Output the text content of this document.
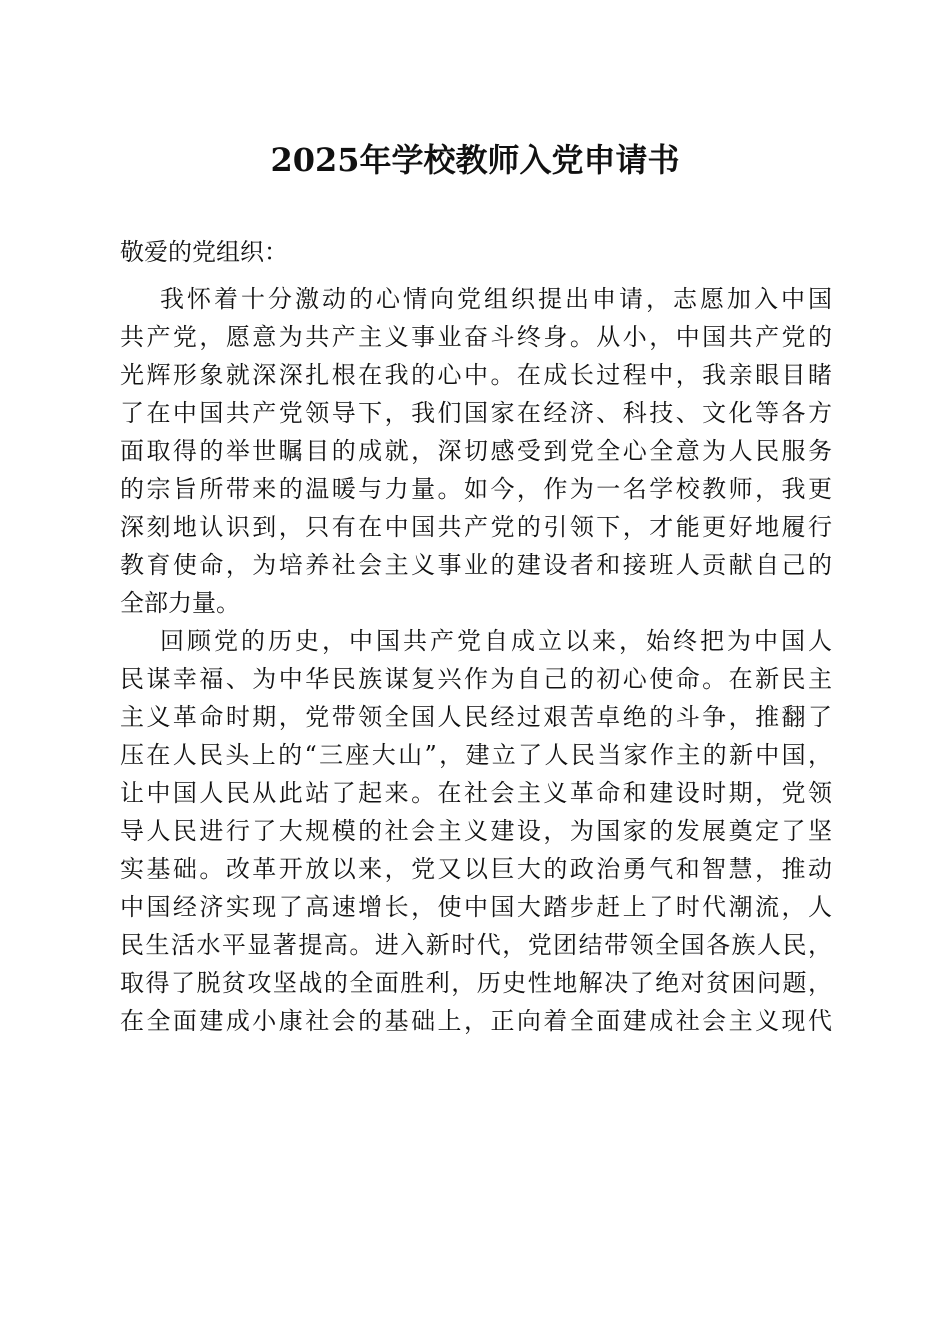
2025年学校教师入党申请书

敬爱的党组织：

我怀着十分激动的心情向党组织提出申请，志愿加入中国
共产党，愿意为共产主义事业奋斗终身。从小，中国共产党的
光辉形象就深深扎根在我的心中。在成长过程中，我亲眼目睹
了在中国共产党领导下，我们国家在经济、科技、文化等各方
面取得的举世瞩目的成就，深切感受到党全心全意为人民服务
的宗旨所带来的温暖与力量。如今，作为一名学校教师，我更
深刻地认识到，只有在中国共产党的引领下，才能更好地履行
教育使命，为培养社会主义事业的建设者和接班人贡献自己的
全部力量。
回顾党的历史，中国共产党自成立以来，始终把为中国人
民谋幸福、为中华民族谋复兴作为自己的初心使命。在新民主
主义革命时期，党带领全国人民经过艰苦卓绝的斗争，推翻了
压在人民头上的“三座大山”，建立了人民当家作主的新中国，
让中国人民从此站了起来。在社会主义革命和建设时期，党领
导人民进行了大规模的社会主义建设，为国家的发展奠定了坚
实基础。改革开放以来，党又以巨大的政治勇气和智慧，推动
中国经济实现了高速增长，使中国大踏步赶上了时代潮流，人
民生活水平显著提高。进入新时代，党团结带领全国各族人民，
取得了脱贫攻坚战的全面胜利，历史性地解决了绝对贫困问题，
在全面建成小康社会的基础上，正向着全面建成社会主义现代
